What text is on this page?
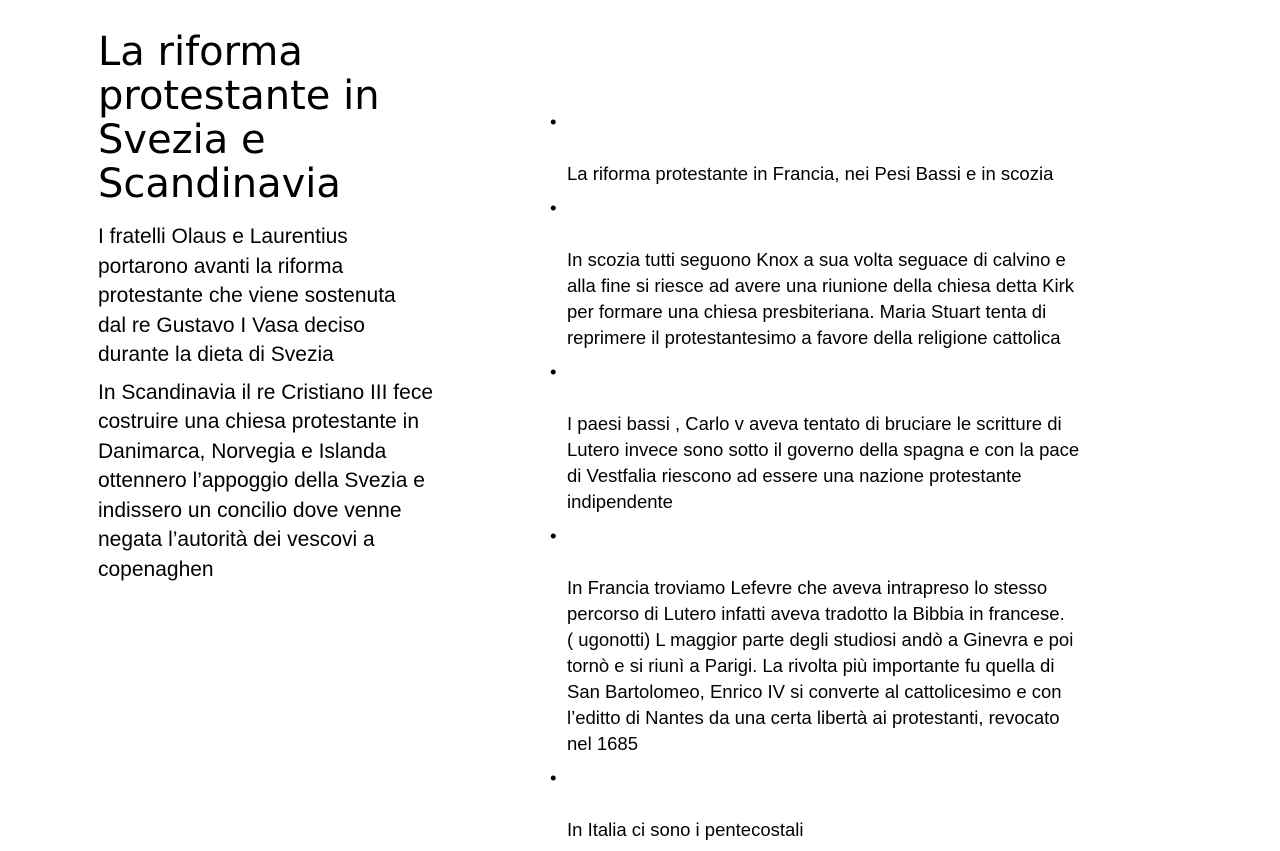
La riforma
protestante in
Svezia e
Scandinavia

I fratelli Olaus e Laurentius
portarono avanti la riforma
protestante che viene sostenuta
dal re Gustavo I Vasa deciso
durante la dieta di Svezia

In Scandinavia il re Cristiano III fece
costruire una chiesa protestante in
Danimarca, Norvegia e Islanda
ottennero l’appoggio della Svezia e
indissero un concilio dove venne
negata l’autorità dei vescovi a
copenaghen

•

La riforma protestante in Francia, nei Pesi Bassi e in scozia

•

In scozia tutti seguono Knox a sua volta seguace di calvino e
alla fine si riesce ad avere una riunione della chiesa detta Kirk
per formare una chiesa presbiteriana. Maria Stuart tenta di
reprimere il protestantesimo a favore della religione cattolica

•

I paesi bassi , Carlo v aveva tentato di bruciare le scritture di
Lutero invece sono sotto il governo della spagna e con la pace
di Vestfalia riescono ad essere una nazione protestante
indipendente

•

In Francia troviamo Lefevre che aveva intrapreso lo stesso
percorso di Lutero infatti aveva tradotto la Bibbia in francese.
( ugonotti) L maggior parte degli studiosi andò a Ginevra e poi
tornò e si riunì a Parigi. La rivolta più importante fu quella di
San Bartolomeo, Enrico IV si converte al cattolicesimo e con
l’editto di Nantes da una certa libertà ai protestanti, revocato
nel 1685

•

In Italia ci sono i pentecostali
